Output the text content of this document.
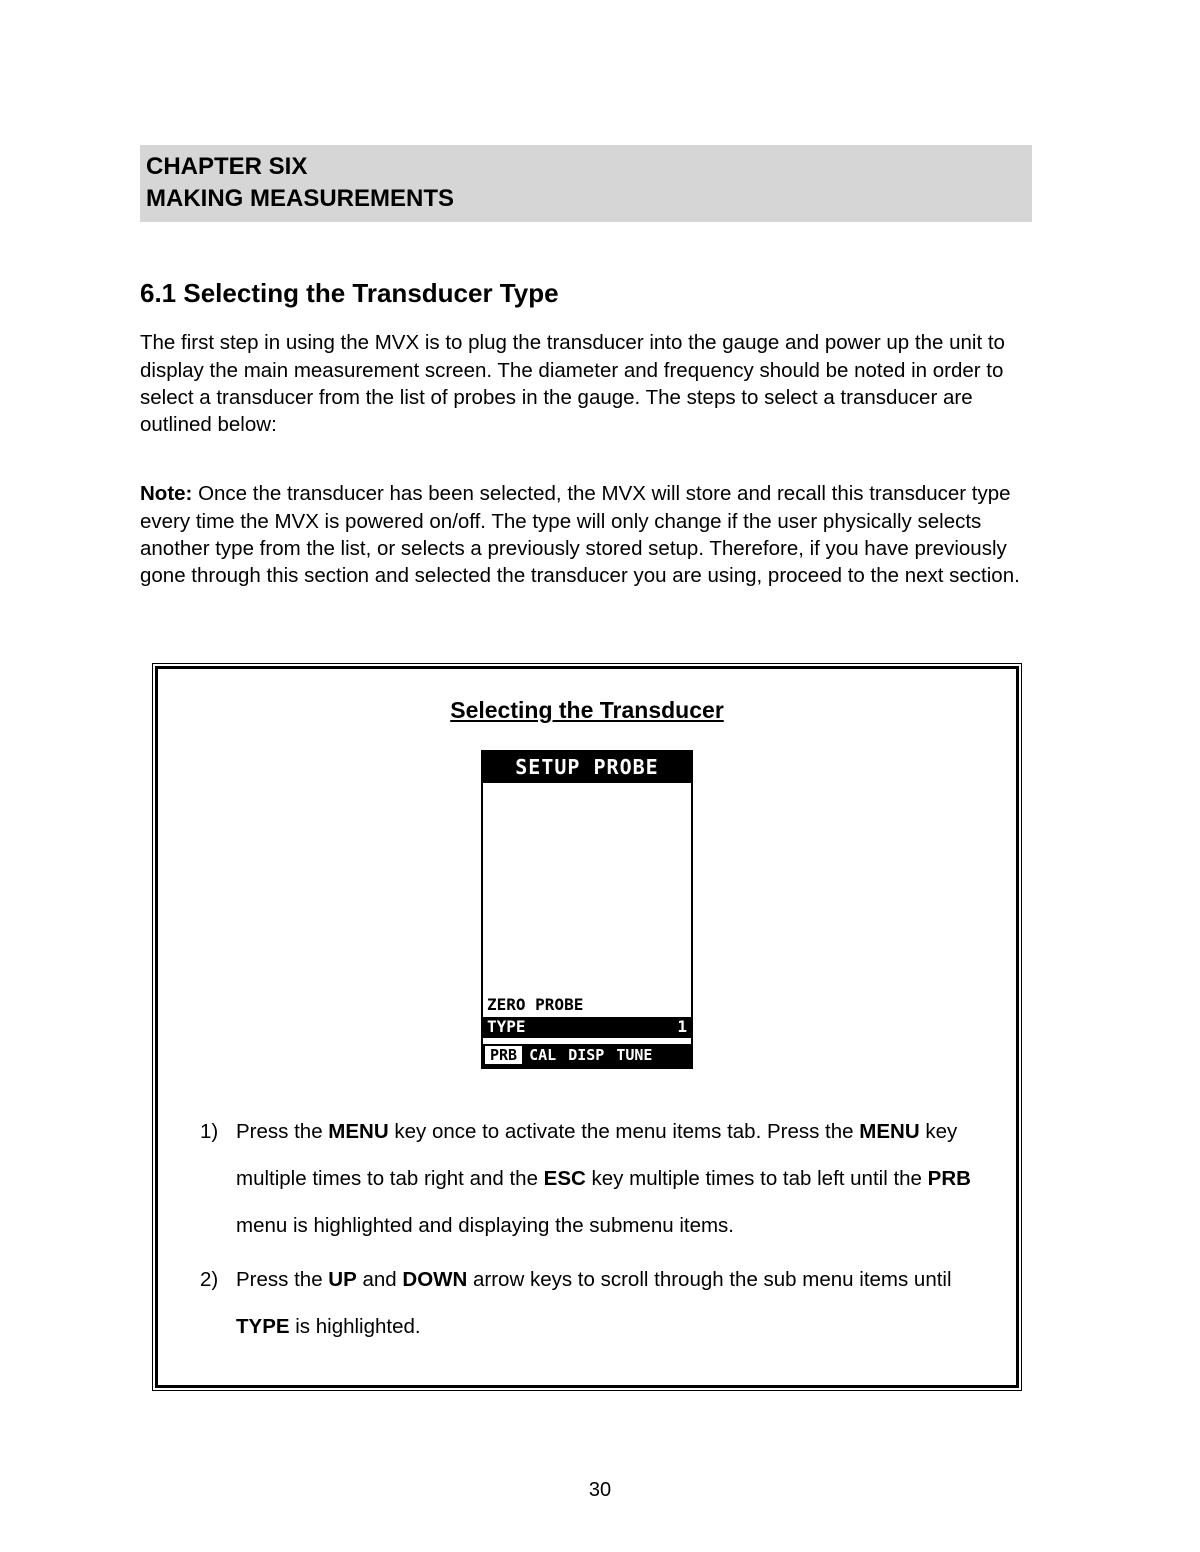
CHAPTER SIX
MAKING MEASUREMENTS
6.1 Selecting the Transducer Type
The first step in using the MVX is to plug the transducer into the gauge and power up the unit to display the main measurement screen. The diameter and frequency should be noted in order to select a transducer from the list of probes in the gauge. The steps to select a transducer are outlined below:
Note: Once the transducer has been selected, the MVX will store and recall this transducer type every time the MVX is powered on/off. The type will only change if the user physically selects another type from the list, or selects a previously stored setup. Therefore, if you have previously gone through this section and selected the transducer you are using, proceed to the next section.
Selecting the Transducer
SETUP PROBE
ZERO PROBE
TYPE	1
PRB CAL DISP TUNE
1) Press the MENU key once to activate the menu items tab. Press the MENU key multiple times to tab right and the ESC key multiple times to tab left until the PRB menu is highlighted and displaying the submenu items.
2) Press the UP and DOWN arrow keys to scroll through the sub menu items until TYPE is highlighted.
30
